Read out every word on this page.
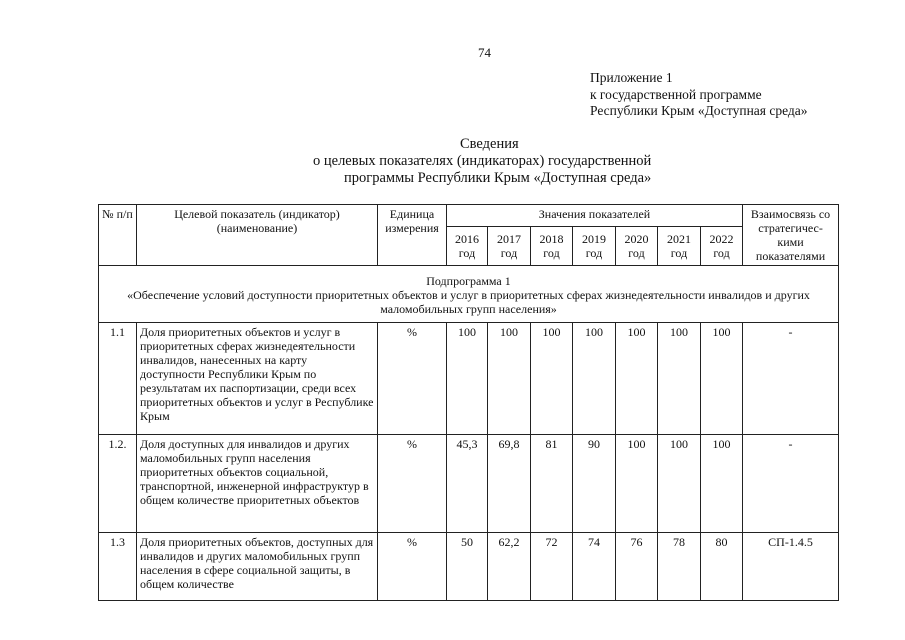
74
Приложение 1
к государственной программе
Республики Крым «Доступная среда»
Сведения
о целевых показателях (индикаторах) государственной
программы Республики Крым «Доступная среда»
№ п/п	Целевой показатель (индикатор) (наименование)	Единица измерения	Значения показателей							Взаимосвязь со стратегичес-кими показателями
			2016 год	2017 год	2018 год	2019 год	2020 год	2021 год	2022 год	

Подпрограмма 1
«Обеспечение условий доступности приоритетных объектов и услуг в приоритетных сферах жизнедеятельности инвалидов и других маломобильных групп населения»										

1.1	Доля приоритетных объектов и услуг в приоритетных сферах жизнедеятельности инвалидов, нанесенных на карту доступности Республики Крым по результатам их паспортизации, среди всех приоритетных объектов и услуг в Республике Крым	%	100	100	100	100	100	100	100	-
1.2.	Доля доступных для инвалидов и других маломобильных групп населения приоритетных объектов социальной, транспортной, инженерной инфраструктур в общем количестве приоритетных объектов	%	45,3	69,8	81	90	100	100	100	-
1.3	Доля приоритетных объектов, доступных для инвалидов и других маломобильных групп населения в сфере социальной защиты, в общем количестве	%	50	62,2	72	74	76	78	80	СП-1.4.5
